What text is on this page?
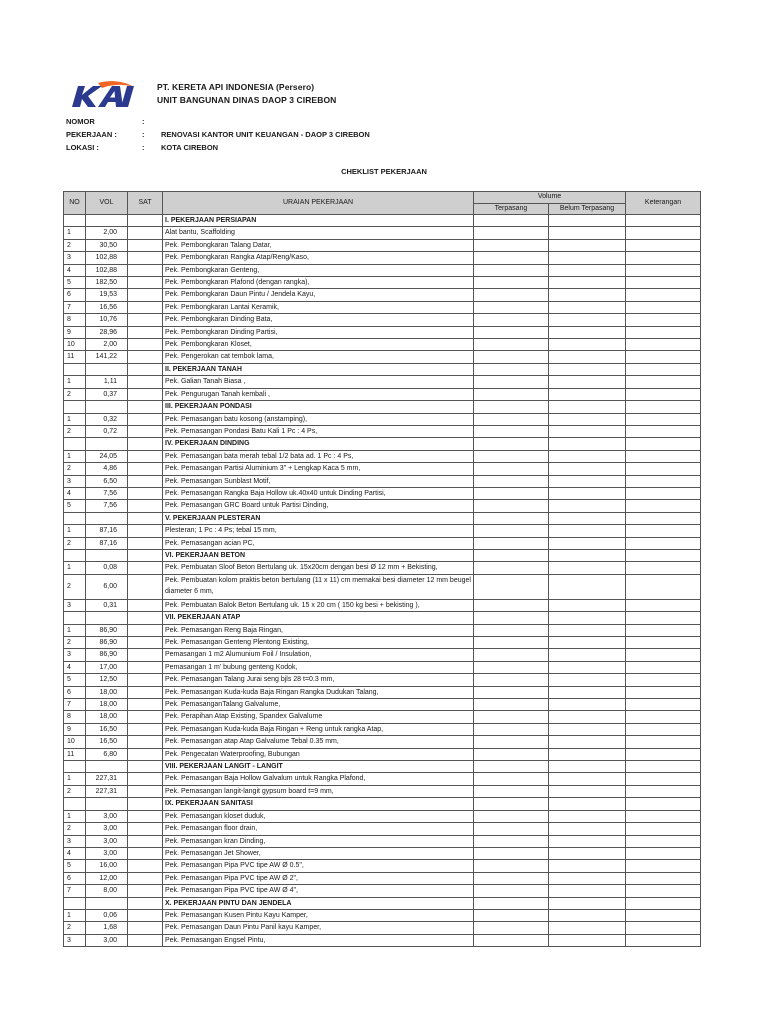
PT. KERETA API INDONESIA (Persero)
UNIT BANGUNAN DINAS DAOP 3 CIREBON
NOMOR	:
PEKERJAAN :	: RENOVASI KANTOR UNIT KEUANGAN - DAOP 3 CIREBON
LOKASI :	: KOTA CIREBON
CHEKLIST PEKERJAAN
NO	VOL	SAT	URAIAN PEKERJAAN	Volume		Keterangan
				Terpasang	Belum Terpasang	
			I. PEKERJAAN PERSIAPAN			
1	2,00		Alat bantu, Scaffolding			
2	30,50		Pek. Pembongkaran Talang Datar,			
3	102,88		Pek. Pembongkaran Rangka Atap/Reng/Kaso,			
4	102,88		Pek. Pembongkaran Genteng,			
5	182,50		Pek. Pembongkaran Plafond (dengan rangka),			
6	19,53		Pek. Pembongkaran Daun Pintu / Jendela Kayu,			
7	16,56		Pek. Pembongkaran Lantai Keramik,			
8	10,76		Pek. Pembongkaran Dinding Bata,			
9	28,96		Pek. Pembongkaran Dinding Partisi,			
10	2,00		Pek. Pembongkaran Kloset,			
11	141,22		Pek. Pengerokan cat tembok lama,			
			II. PEKERJAAN TANAH			
1	1,11		Pek. Galian Tanah Biasa ,			
2	0,37		Pek. Pengurugan Tanah kembali ,			
			III. PEKERJAAN PONDASI			
1	0,32		Pek. Pemasangan batu kosong (anstamping),			
2	0,72		Pek. Pemasangan Pondasi Batu Kali 1 Pc : 4 Ps,			
			IV. PEKERJAAN DINDING			
1	24,05		Pek. Pemasangan bata merah tebal 1/2 bata ad. 1 Pc : 4 Ps,			
2	4,86		Pek. Pemasangan Partisi Aluminium 3" + Lengkap Kaca 5 mm,			
3	6,50		Pek. Pemasangan Sunblast Motif,			
4	7,56		Pek. Pemasangan Rangka Baja Hollow uk.40x40 untuk Dinding Partisi,			
5	7,56		Pek. Pemasangan GRC Board untuk Partisi Dinding,			
			V. PEKERJAAN PLESTERAN			
1	87,16		Plesteran; 1 Pc : 4 Ps; tebal 15 mm,			
2	87,16		Pek. Pemasangan acian PC,			
			VI. PEKERJAAN BETON			
1	0,08		Pek. Pembuatan Sloof Beton Bertulang uk. 15x20cm dengan besi Ø 12 mm + Bekisting,			
2	6,00		Pek. Pembuatan kolom praktis beton bertulang (11 x 11) cm memakai besi diameter 12 mm beugel diameter 6 mm,			
3	0,31		Pek. Pembuatan Balok Beton Bertulang uk. 15 x 20 cm ( 150 kg besi + bekisting ),			
			VII. PEKERJAAN ATAP			
1	86,90		Pek. Pemasangan Reng Baja Ringan,			
2	86,90		Pek. Pemasangan Genteng Plentong Existing,			
3	86,90		Pemasangan 1 m2 Alumunium Foil / Insulation,			
4	17,00		Pemasangan 1 m' bubung genteng Kodok,			
5	12,50		Pek. Pemasangan Talang Jurai seng bjls 28 t=0.3 mm,			
6	18,00		Pek. Pemasangan Kuda-kuda Baja Ringan Rangka Dudukan Talang,			
7	18,00		Pek. PemasanganTalang Galvalume,			
8	18,00		Pek. Perapihan Atap Existing, Spandex Galvalume			
9	16,50		Pek. Pemasangan Kuda-kuda Baja Ringan + Reng untuk rangka Atap,			
10	16,50		Pek. Pemasangan atap Atap Galvalume Tebal 0.35 mm,			
11	6,80		Pek. Pengecatan Waterproofing, Bubungan			
			VIII. PEKERJAAN LANGIT - LANGIT			
1	227,31		Pek. Pemasangan Baja Hollow Galvalum untuk Rangka Plafond,			
2	227,31		Pek. Pemasangan langit-langit gypsum board t=9 mm,			
			IX. PEKERJAAN SANITASI			
1	3,00		Pek. Pemasangan kloset duduk,			
2	3,00		Pek. Pemasangan floor drain,			
3	3,00		Pek. Pemasangan kran Dinding,			
4	3,00		Pek. Pemasangan Jet Shower,			
5	16,00		Pek. Pemasangan Pipa PVC tipe AW Ø 0.5",			
6	12,00		Pek. Pemasangan Pipa PVC tipe AW Ø 2",			
7	8,00		Pek. Pemasangan Pipa PVC tipe AW Ø 4",			
			X. PEKERJAAN PINTU DAN JENDELA			
1	0,06		Pek. Pemasangan Kusen Pintu Kayu Kamper,			
2	1,68		Pek. Pemasangan Daun Pintu Panil kayu Kamper,			
3	3,00		Pek. Pemasangan Engsel Pintu,			
